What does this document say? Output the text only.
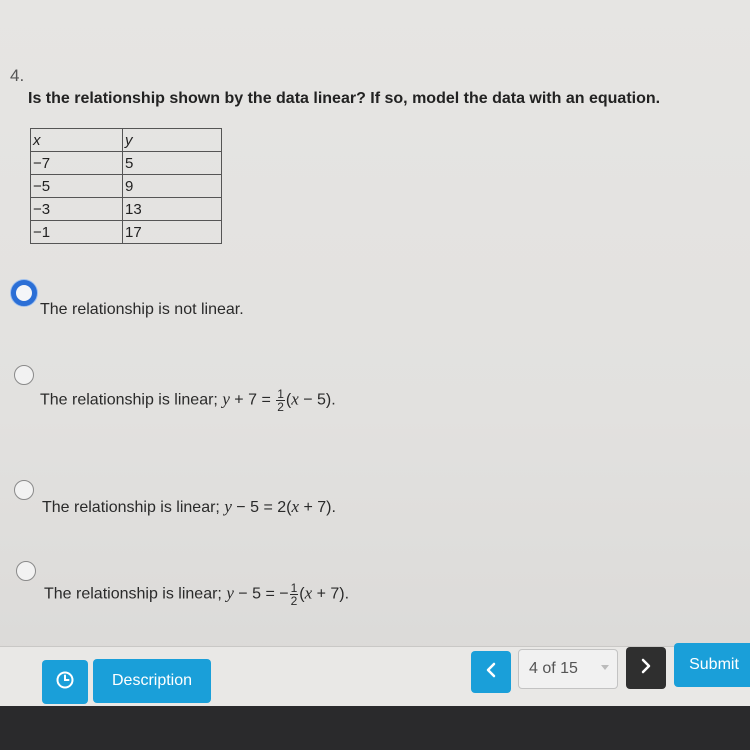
4.
Is the relationship shown by the data linear? If so, model the data with an equation.
x	y
−7	5
−5	9
−3	13
−1	17
The relationship is not linear.
The relationship is linear; $y + 7 = \frac{1}{2} (x - 5)$.
The relationship is linear; y − 5 = 2(x + 7).
The relationship is linear; y − 5 = − $\frac{1}{2} (x + 7)$.
Description
4 of 15	Submit
